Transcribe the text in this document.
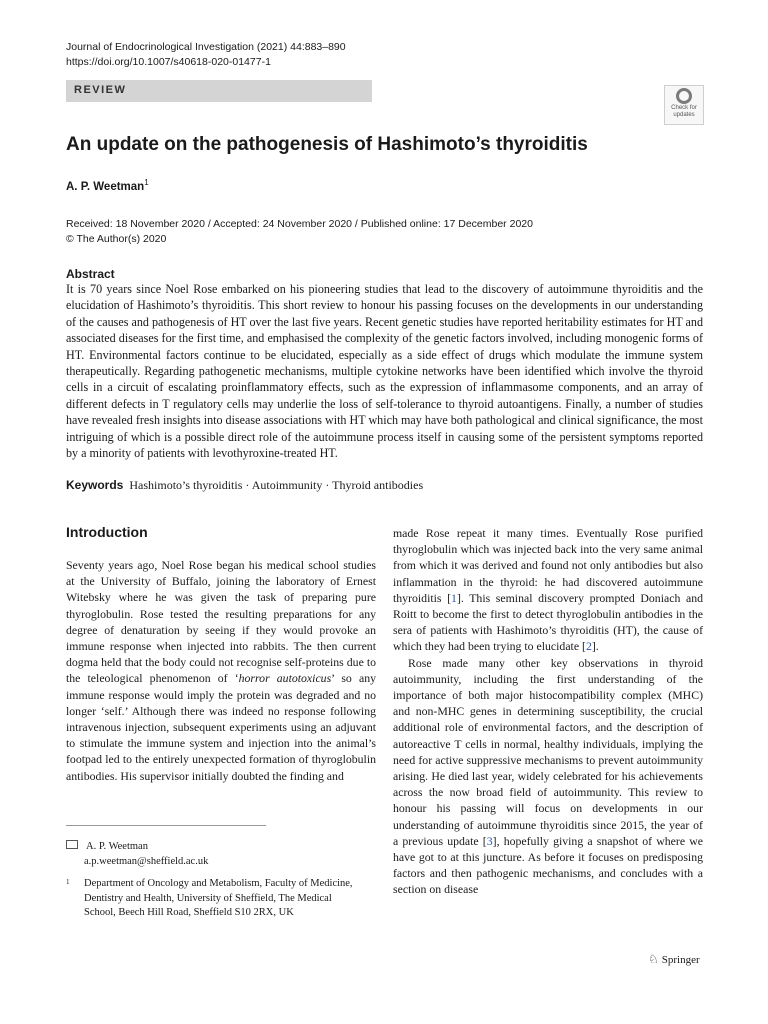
Journal of Endocrinological Investigation (2021) 44:883–890
https://doi.org/10.1007/s40618-020-01477-1
REVIEW
Check for
updates
An update on the pathogenesis of Hashimoto’s thyroiditis
A. P. Weetman$^1$
Received: 18 November 2020 / Accepted: 24 November 2020 / Published online: 17 December 2020
© The Author(s) 2020
Abstract
It is 70 years since Noel Rose embarked on his pioneering studies that lead to the discovery of autoimmune thyroiditis and the elucidation of Hashimoto’s thyroiditis. This short review to honour his passing focuses on the developments in our understanding of the causes and pathogenesis of HT over the last five years. Recent genetic studies have reported heritability estimates for HT and associated diseases for the first time, and emphasised the complexity of the genetic factors involved, including monogenic forms of HT. Environmental factors continue to be elucidated, especially as a side effect of drugs which modulate the immune system therapeutically. Regarding pathogenetic mechanisms, multiple cytokine networks have been identified which involve the thyroid cells in a circuit of escalating proinflammatory effects, such as the expression of inflammasome components, and an array of different defects in T regulatory cells may underlie the loss of self-tolerance to thyroid autoantigens. Finally, a number of studies have revealed fresh insights into disease associations with HT which may have both pathological and clinical significance, the most intriguing of which is a possible direct role of the autoimmune process itself in causing some of the persistent symptoms reported by a minority of patients with levothyroxine-treated HT.
Keywords Hashimoto’s thyroiditis · Autoimmunity · Thyroid antibodies
Introduction

Seventy years ago, Noel Rose began his medical school studies at the University of Buffalo, joining the laboratory of Ernest Witebsky where he was given the task of preparing pure thyroglobulin. Rose tested the resulting preparations for any degree of denaturation by seeing if they would provoke an immune response when injected into rabbits. The then current dogma held that the body could not recognise self-proteins due to the teleological phenomenon of ‘horror autotoxicus’ so any immune response would imply the protein was degraded and no longer ‘self.’ Although there was indeed no response following intravenous injection, subsequent experiments using an adjuvant to stimulate the immune system and injection into the animal’s footpad led to the entirely unexpected formation of thyroglobulin antibodies. His supervisor initially doubted the finding and

made Rose repeat it many times. Eventually Rose purified thyroglobulin which was injected back into the very same animal from which it was derived and found not only antibodies but also inflammation in the thyroid: he had discovered autoimmune thyroiditis [1]. This seminal discovery prompted Doniach and Roitt to become the first to detect thyroglobulin antibodies in the sera of patients with Hashimoto’s thyroiditis (HT), the cause of which they had been trying to elucidate [2].

Rose made many other key observations in thyroid autoimmunity, including the first understanding of the importance of both major histocompatibility complex (MHC) and non-MHC genes in determining susceptibility, the crucial additional role of environmental factors, and the description of autoreactive T cells in normal, healthy individuals, implying the need for active suppressive mechanisms to prevent autoimmunity arising. He died last year, widely celebrated for his achievements across the now broad field of autoimmunity. This review to honour his passing will focus on developments in our understanding of autoimmune thyroiditis since 2015, the year of a previous update [3], hopefully giving a snapshot of where we have got to at this juncture. As before it focuses on predisposing factors and then pathogenic mechanisms, and concludes with a section on disease

A. P. Weetman
a.p.weetman@sheffield.ac.uk
1 Department of Oncology and Metabolism, Faculty of Medicine, Dentistry and Health, University of Sheffield, The Medical School, Beech Hill Road, Sheffield S10 2RX, UK
♘ Springer
